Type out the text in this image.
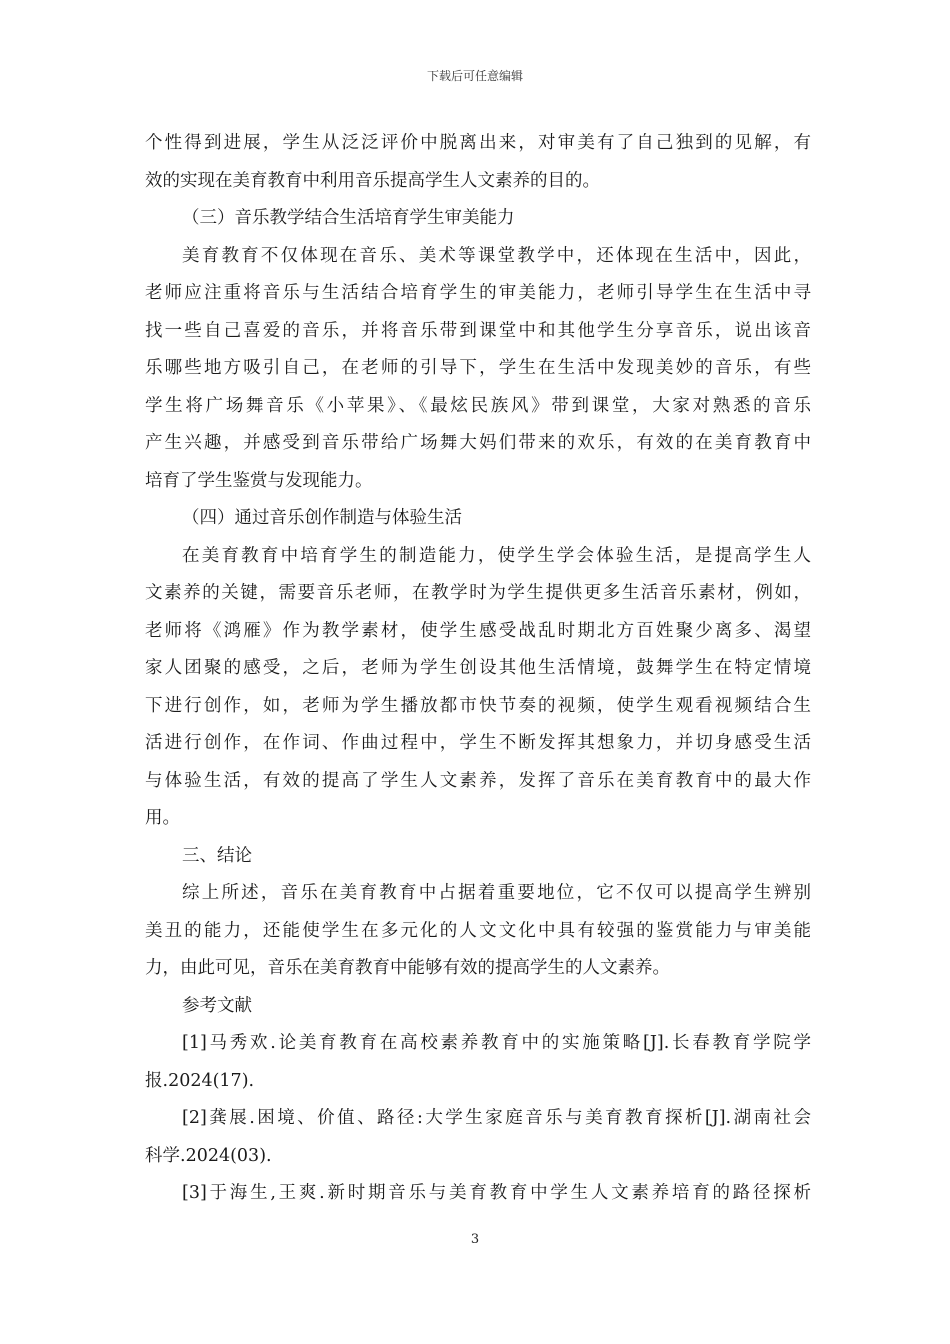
下载后可任意编辑
个性得到进展，学生从泛泛评价中脱离出来，对审美有了自己独到的见解，有
效的实现在美育教育中利用音乐提高学生人文素养的目的。
（三）音乐教学结合生活培育学生审美能力
美育教育不仅体现在音乐、美术等课堂教学中，还体现在生活中，因此，
老师应注重将音乐与生活结合培育学生的审美能力，老师引导学生在生活中寻
找一些自己喜爱的音乐，并将音乐带到课堂中和其他学生分享音乐，说出该音
乐哪些地方吸引自己，在老师的引导下，学生在生活中发现美妙的音乐，有些
学生将广场舞音乐《小苹果》、《最炫民族风》带到课堂，大家对熟悉的音乐
产生兴趣，并感受到音乐带给广场舞大妈们带来的欢乐，有效的在美育教育中
培育了学生鉴赏与发现能力。
（四）通过音乐创作制造与体验生活
在美育教育中培育学生的制造能力，使学生学会体验生活，是提高学生人
文素养的关键，需要音乐老师，在教学时为学生提供更多生活音乐素材，例如，
老师将《鸿雁》作为教学素材，使学生感受战乱时期北方百姓聚少离多、渴望
家人团聚的感受，之后，老师为学生创设其他生活情境，鼓舞学生在特定情境
下进行创作，如，老师为学生播放都市快节奏的视频，使学生观看视频结合生
活进行创作，在作词、作曲过程中，学生不断发挥其想象力，并切身感受生活
与体验生活，有效的提高了学生人文素养，发挥了音乐在美育教育中的最大作
用。
三、结论
综上所述，音乐在美育教育中占据着重要地位，它不仅可以提高学生辨别
美丑的能力，还能使学生在多元化的人文文化中具有较强的鉴赏能力与审美能
力，由此可见，音乐在美育教育中能够有效的提高学生的人文素养。
参考文献
[1]马秀欢.论美育教育在高校素养教育中的实施策略[J].长春教育学院学
报.2024(17).
[2]龚展.困境、价值、路径:大学生家庭音乐与美育教育探析[J].湖南社会
科学.2024(03).
[3]于海生,王爽.新时期音乐与美育教育中学生人文素养培育的路径探析
3
